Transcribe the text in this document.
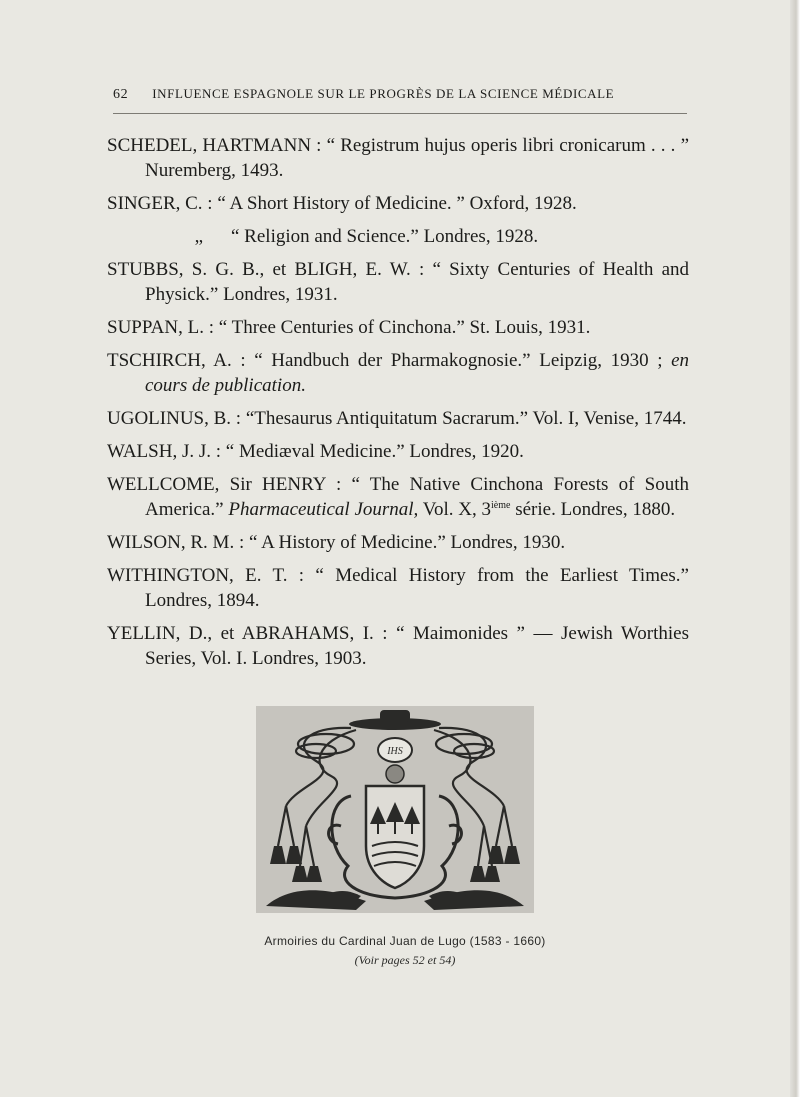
62 INFLUENCE ESPAGNOLE SUR LE PROGRÈS DE LA SCIENCE MÉDICALE
SCHEDEL, HARTMANN : “ Registrum hujus operis libri cronicarum . . . ” Nuremberg, 1493.
SINGER, C. : “ A Short History of Medicine. ” Oxford, 1928.
„ “ Religion and Science.” Londres, 1928.
STUBBS, S. G. B., et BLIGH, E. W. : “ Sixty Centuries of Health and Physick.” Londres, 1931.
SUPPAN, L. : “ Three Centuries of Cinchona.” St. Louis, 1931.
TSCHIRCH, A. : “ Handbuch der Pharmakognosie.” Leipzig, 1930 ; en cours de publication.
UGOLINUS, B. : “Thesaurus Antiquitatum Sacrarum.” Vol. I, Venise, 1744.
WALSH, J. J. : “ Mediæval Medicine.” Londres, 1920.
WELLCOME, Sir HENRY : “ The Native Cinchona Forests of South America.” Pharmaceutical Journal, Vol. X, 3ième série. Londres, 1880.
WILSON, R. M. : “ A History of Medicine.” Londres, 1930.
WITHINGTON, E. T. : “ Medical History from the Earliest Times.” Londres, 1894.
YELLIN, D., et ABRAHAMS, I. : “ Maimonides ” — Jewish Worthies Series, Vol. I. Londres, 1903.
IHS
Armoiries du Cardinal Juan de Lugo (1583 - 1660)
(Voir pages 52 et 54)
